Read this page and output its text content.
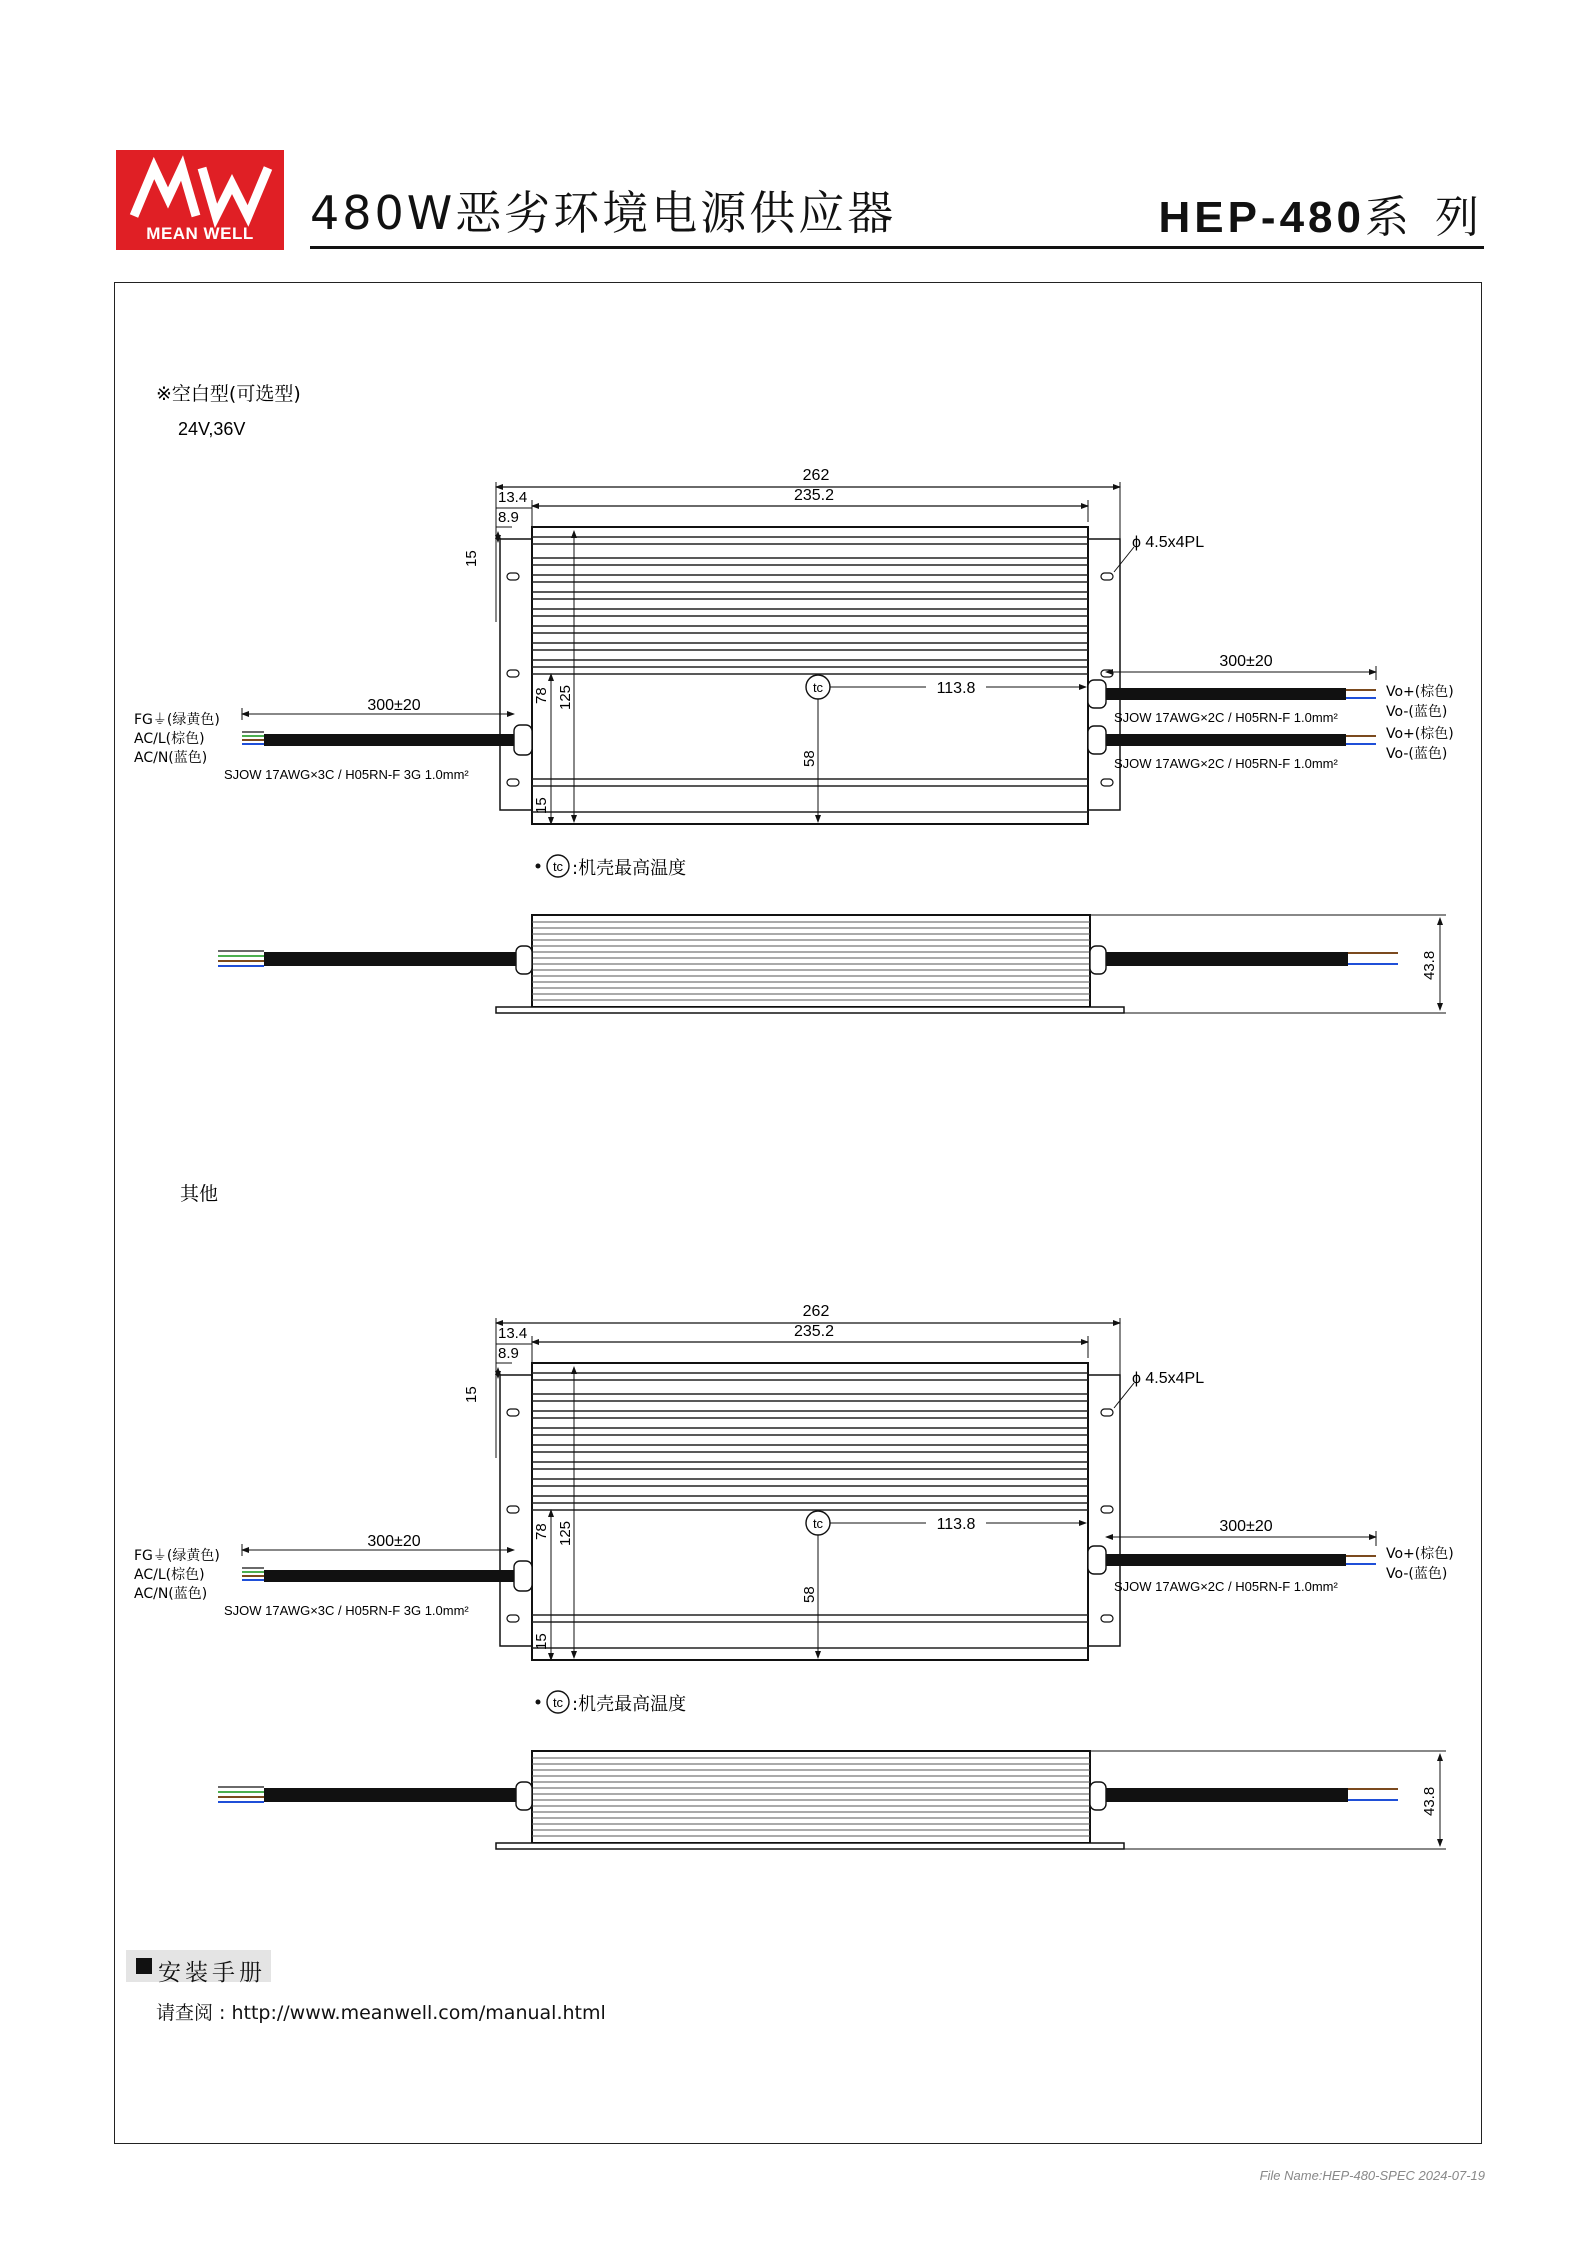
MEAN WELL	480W恶劣环境电源供应器	HEP-480系 列
※空白型(可选型)
24V,36V
262
235.2
13.4
8.9
ϕ 4.5x4PL
15
78 125
15
tc
58
113.8
300±20
FG⏚(绿黄色)
AC/L(棕色)
AC/N(蓝色)
SJOW 17AWG×3C / H05RN-F 3G 1.0mm²
300±20
SJOW 17AWG×2C / H05RN-F 1.0mm²
SJOW 17AWG×2C / H05RN-F 1.0mm²
Vo+(棕色)
Vo-(蓝色)
Vo+(棕色)
Vo-(蓝色)
tc :机壳最高温度
43.8
其他
262
235.2
13.4
8.9
ϕ 4.5x4PL
15
78 125
15
tc
58
113.8
300±20
FG⏚(绿黄色)
AC/L(棕色)
AC/N(蓝色)
SJOW 17AWG×3C / H05RN-F 3G 1.0mm²
300±20
SJOW 17AWG×2C / H05RN-F 1.0mm²
Vo+(棕色)
Vo-(蓝色)
tc :机壳最高温度
43.8
安装手册
请查阅 : http://www.meanwell.com/manual.html
File Name:HEP-480-SPEC 2024-07-19
